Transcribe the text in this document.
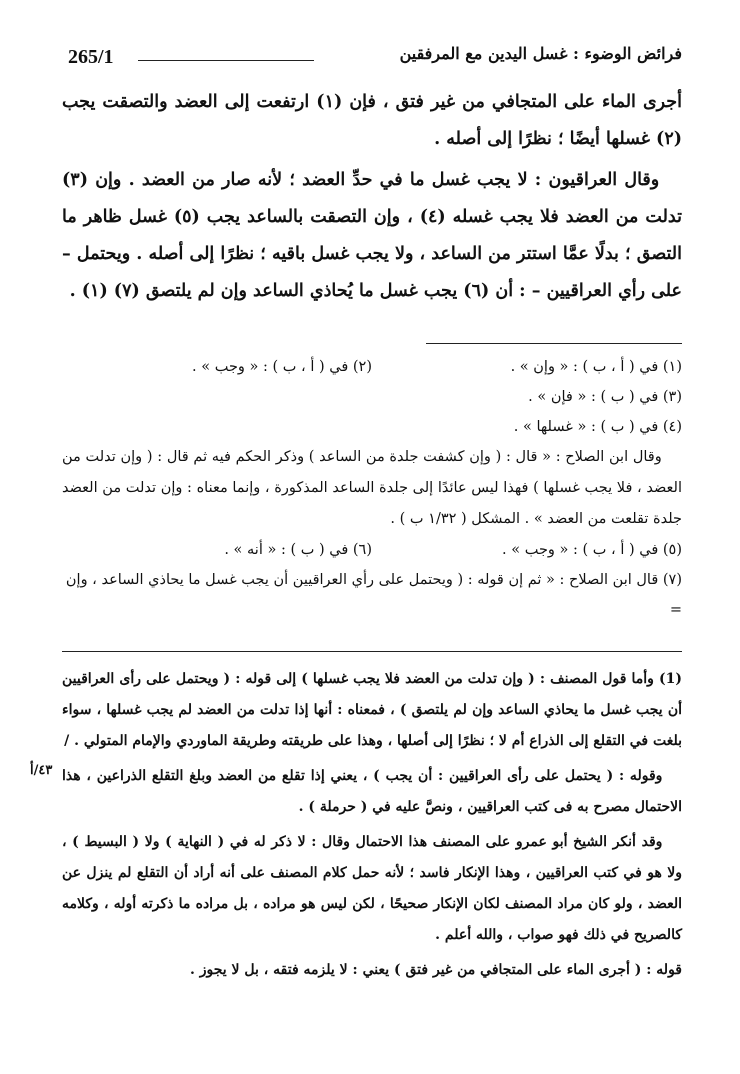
265/1	فرائض الوضوء : غسل اليدين مع المرفقين

أجرى الماء على المتجافي من غير فتق ، فإن (١) ارتفعت إلى العضد والتصقت يجب (٢) غسلها أيضًا ؛ نظرًا إلى أصله .

وقال العراقيون : لا يجب غسل ما في حدِّ العضد ؛ لأنه صار من العضد . وإن (٣) تدلت من العضد فلا يجب غسله (٤) ، وإن التصقت بالساعد يجب (٥) غسل ظاهر ما التصق ؛ بدلًا عمَّا استتر من الساعد ، ولا يجب غسل باقيه ؛ نظرًا إلى أصله . ويحتمل – على رأي العراقيين – : أن (٦) يجب غسل ما يُحاذي الساعد وإن لم يلتصق (٧) (١) .

(١) في ( أ ، ب ) : « وإن » .
(٢) في ( أ ، ب ) : « وجب » .
(٣) في ( ب ) : « فإن » .
(٤) في ( ب ) : « غسلها » .
وقال ابن الصلاح : « قال : ( وإن كشفت جلدة من الساعد ) وذكر الحكم فيه ثم قال : ( وإن تدلت من العضد ، فلا يجب غسلها ) فهذا ليس عائدًا إلى جلدة الساعد المذكورة ، وإنما معناه : وإن تدلت من العضد جلدة تقلعت من العضد » . المشكل ( ١/٣٢ ب ) .
(٥) في ( أ ، ب ) : « وجب » .
(٦) في ( ب ) : « أنه » .
(٧) قال ابن الصلاح : « ثم إن قوله : ( ويحتمل على رأي العراقيين أن يجب غسل ما يحاذي الساعد ، وإن =

(1) وأما قول المصنف : ( وإن تدلت من العضد فلا يجب غسلها ) إلى قوله : ( ويحتمل على رأى العراقيين أن يجب غسل ما يحاذي الساعد وإن لم يلتصق ) ، فمعناه : أنها إذا تدلت من العضد لم يجب غسلها ، سواء بلغت في التقلع إلى الذراع أم لا ؛ نظرًا إلى أصلها ، وهذا على طريقته وطريقة الماوردي والإمام المتولي . /

وقوله : ( يحتمل على رأى العراقيين : أن يجب ) ، يعني إذا تقلع من العضد وبلغ التقلع الذراعين ، هذا الاحتمال مصرح به فى كتب العراقيين ، ونصَّ عليه في ( حرملة ) .

وقد أنكر الشيخ أبو عمرو على المصنف هذا الاحتمال وقال : لا ذكر له في ( النهاية ) ولا ( البسيط ) ، ولا هو في كتب العراقيين ، وهذا الإنكار فاسد ؛ لأنه حمل كلام المصنف على أنه أراد أن التقلع لم ينزل عن العضد ، ولو كان مراد المصنف لكان الإنكار صحيحًا ، لكن ليس هو مراده ، بل مراده ما ذكرته أوله ، وكلامه كالصريح في ذلك فهو صواب ، والله أعلم .

قوله : ( أجرى الماء على المتجافي من غير فتق ) يعني : لا يلزمه فتقه ، بل لا يجوز .

٤٣/أ
